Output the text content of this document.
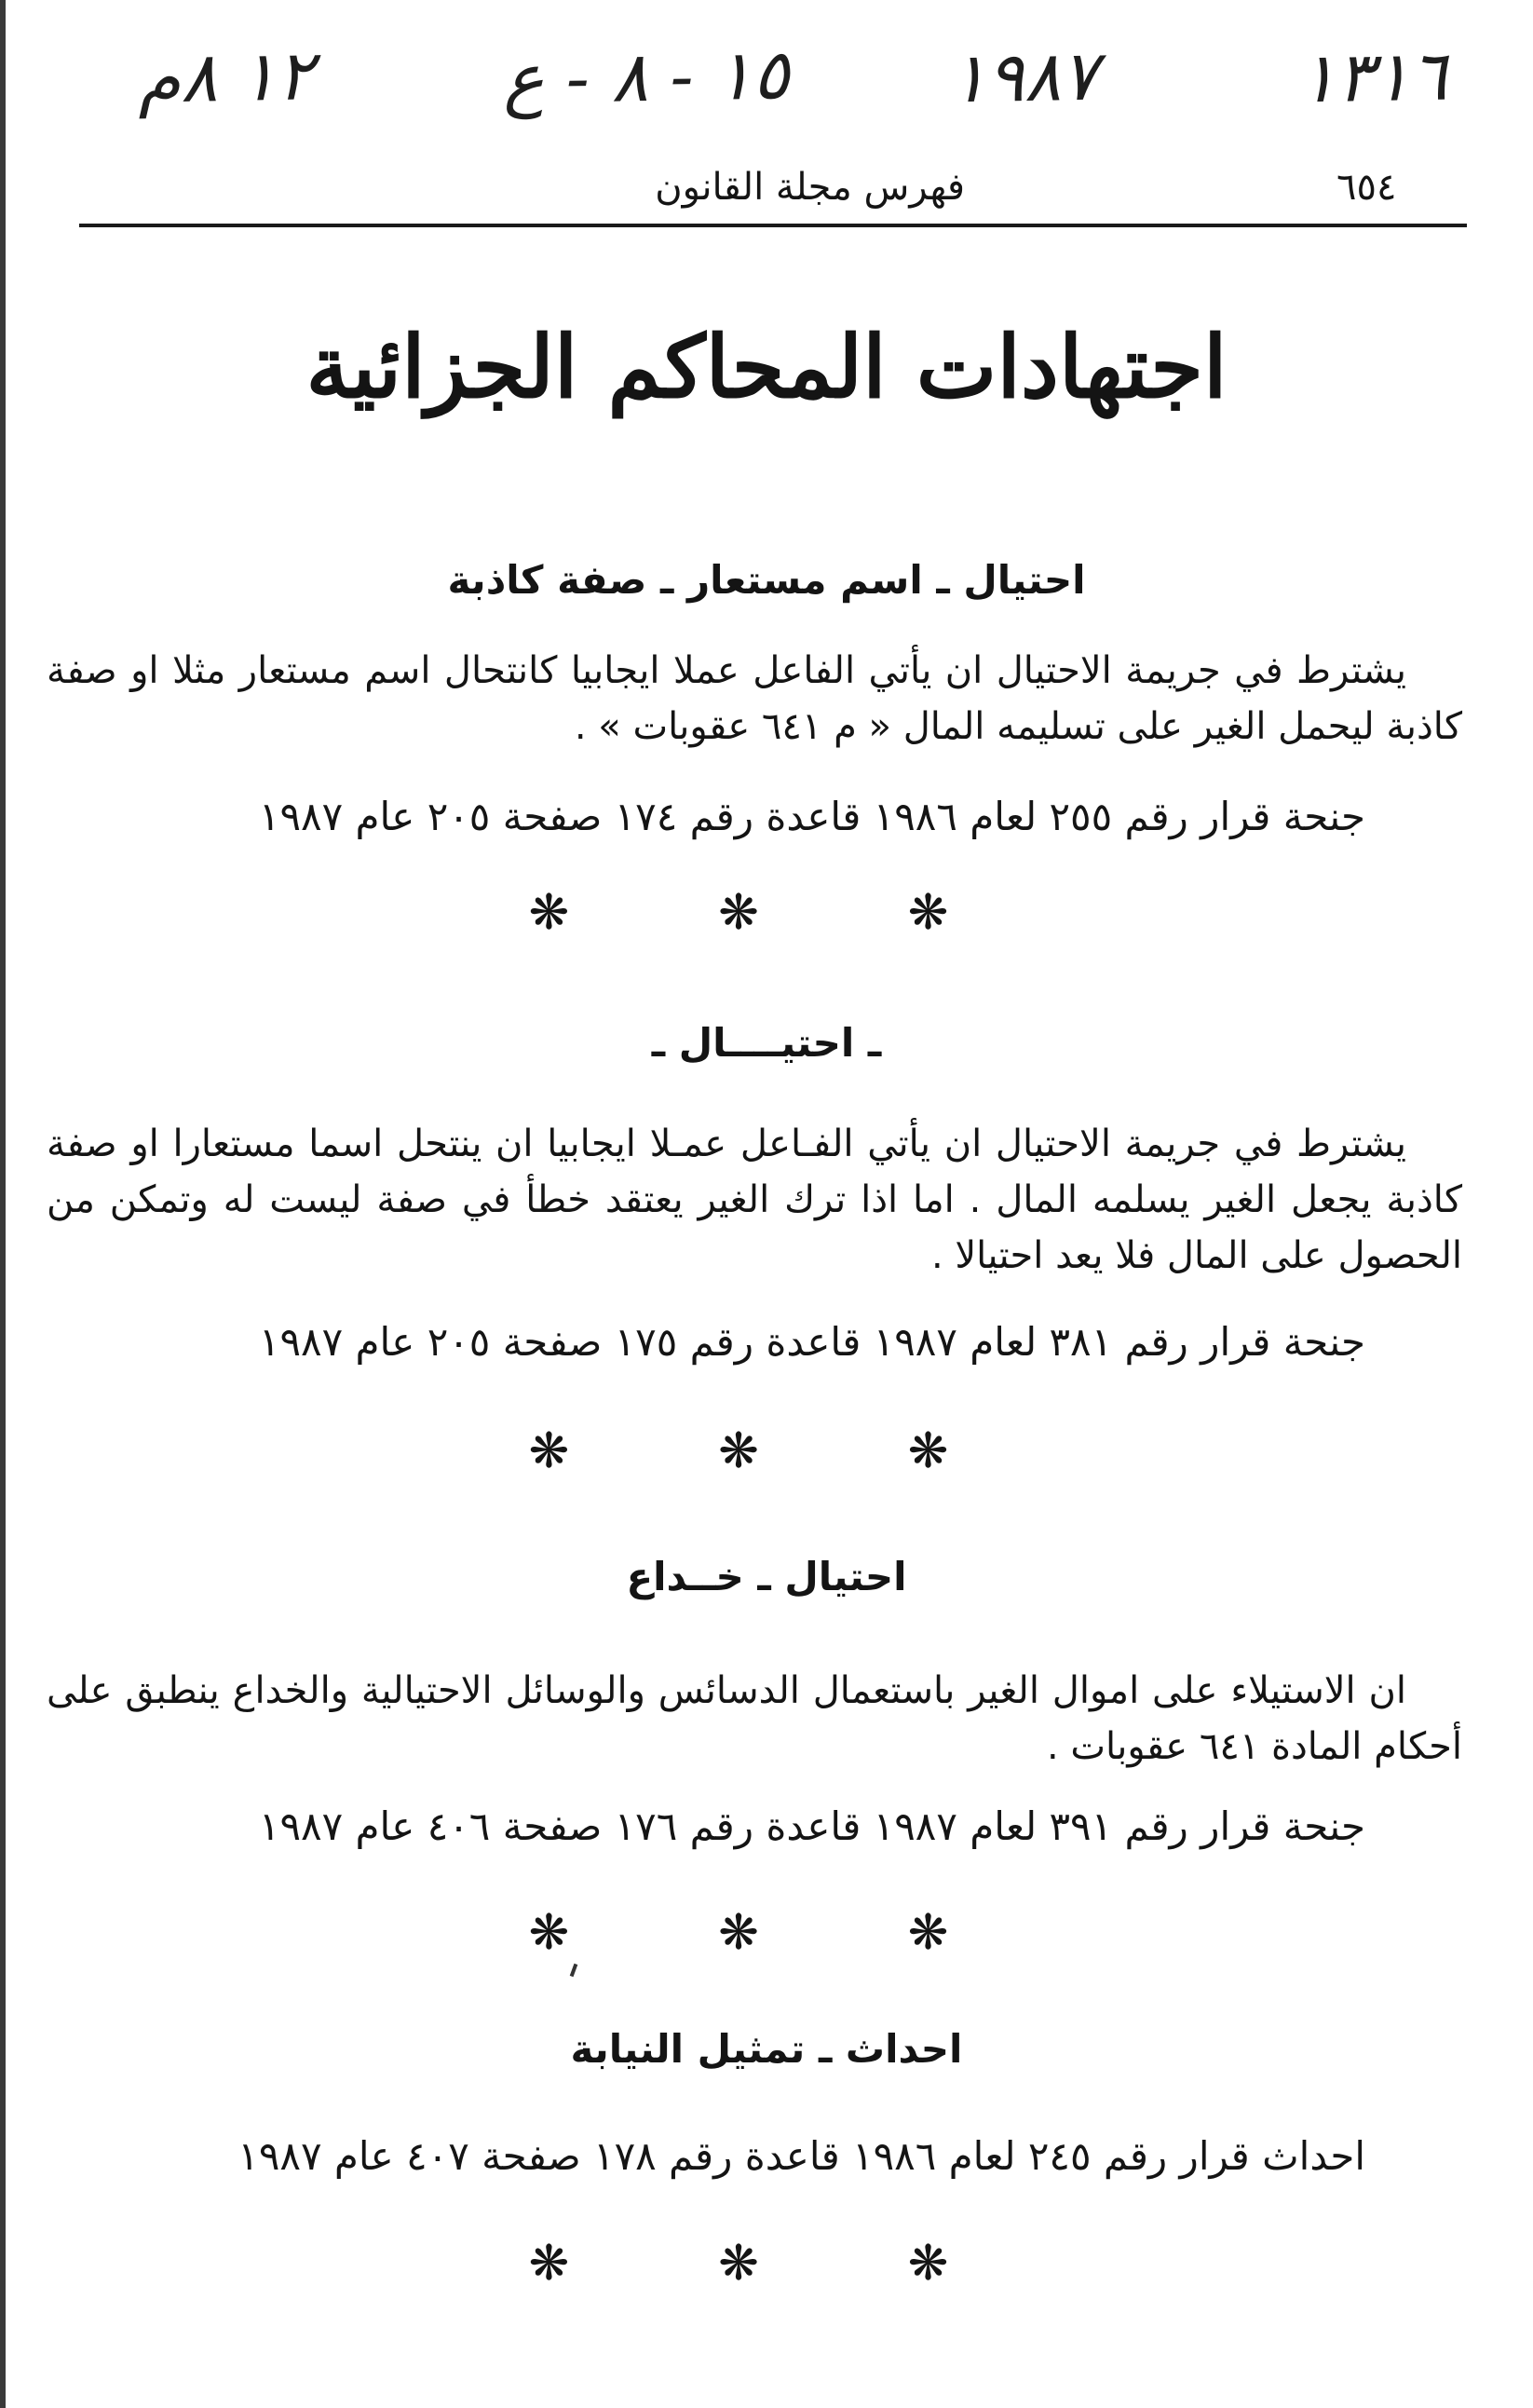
١٣١٦
١٩٨٧
١٥ - ٨ - ع
١٢ ٨م
فهرس مجلة القانون	٦٥٤
اجتهادات المحاكم الجزائية
احتيال ـ اسم مستعار ـ صفة كاذبة
يشترط في جريمة الاحتيال ان يأتي الفاعل عملا ايجابيا كانتحال اسم مستعار مثلا او صفة كاذبة ليحمل الغير على تسليمه المال « م ٦٤١ عقوبات » .
جنحة قرار رقم ٢٥٥ لعام ١٩٨٦ قاعدة رقم ١٧٤ صفحة ٢٠٥ عام ١٩٨٧
❋ ❋ ❋
ـ احتيــــال ـ
يشترط في جريمة الاحتيال ان يأتي الفـاعل عمـلا ايجابيا ان ينتحل اسما مستعارا او صفة كاذبة يجعل الغير يسلمه المال . اما اذا ترك الغير يعتقد خطأ في صفة ليست له وتمكن من الحصول على المال فلا يعد احتيالا .
جنحة قرار رقم ٣٨١ لعام ١٩٨٧ قاعدة رقم ١٧٥ صفحة ٢٠٥ عام ١٩٨٧
❋ ❋ ❋
احتيال ـ خــداع
ان الاستيلاء على اموال الغير باستعمال الدسائس والوسائل الاحتيالية والخداع ينطبق على أحكام المادة ٦٤١ عقوبات .
جنحة قرار رقم ٣٩١ لعام ١٩٨٧ قاعدة رقم ١٧٦ صفحة ٤٠٦ عام ١٩٨٧
❋ ❋ ❋
احداث ـ تمثيل النيابة
احداث قرار رقم ٢٤٥ لعام ١٩٨٦ قاعدة رقم ١٧٨ صفحة ٤٠٧ عام ١٩٨٧
❋ ❋ ❋
